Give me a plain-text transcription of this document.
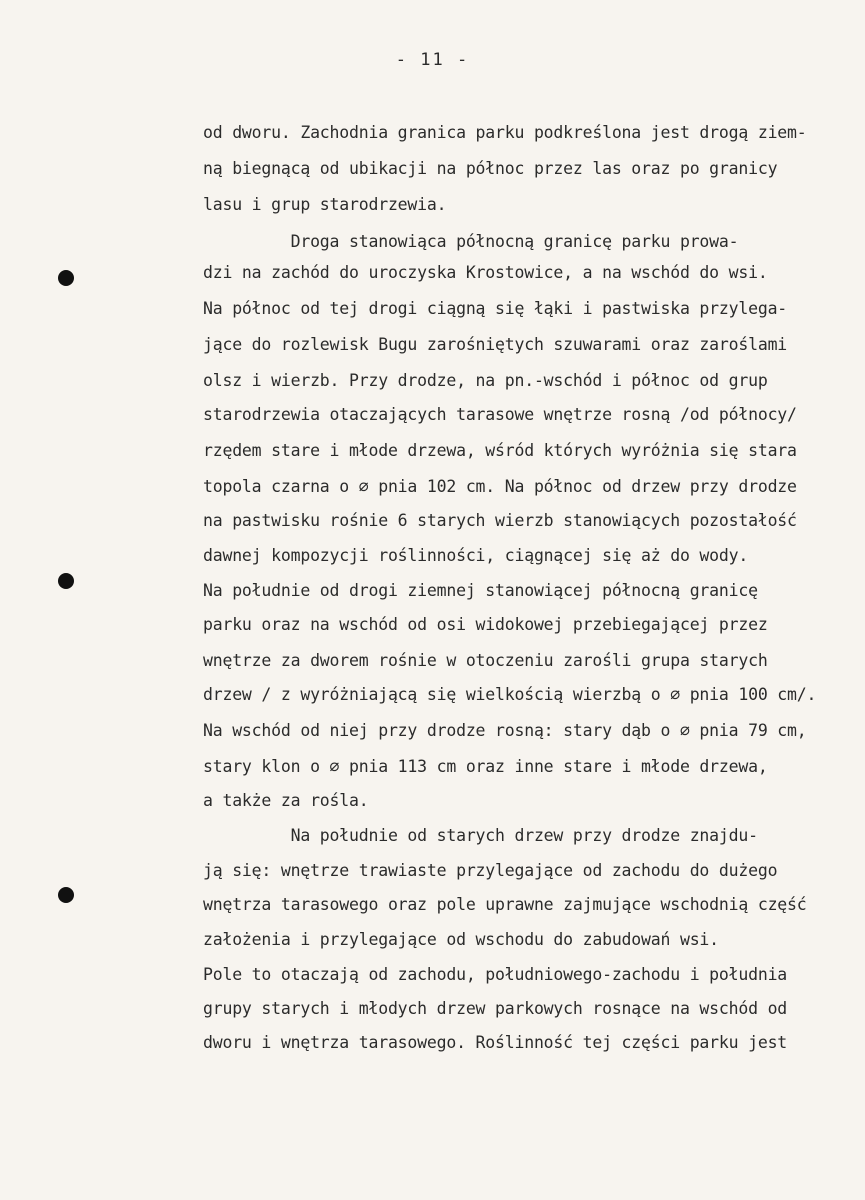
- 11 -
od dworu. Zachodnia granica parku podkreślona jest drogą ziem-
ną biegnącą od ubikacji na północ przez las oraz po granicy
lasu i grup starodrzewia.
Droga stanowiąca północną granicę parku prowa-
dzi na zachód do uroczyska Krostowice, a na wschód do wsi.
Na północ od tej drogi ciągną się łąki i pastwiska przylega-
jące do rozlewisk Bugu zarośniętych szuwarami oraz zaroślami
olsz i wierzb. Przy drodze, na pn.-wschód i północ od grup
starodrzewia otaczających tarasowe wnętrze rosną /od północy/
rzędem stare i młode drzewa, wśród których wyróżnia się stara
topola czarna o ∅ pnia 102 cm. Na północ od drzew przy drodze
na pastwisku rośnie 6 starych wierzb stanowiących pozostałość
dawnej kompozycji roślinności, ciągnącej się aż do wody.
Na południe od drogi ziemnej stanowiącej północną granicę
parku oraz na wschód od osi widokowej przebiegającej przez
wnętrze za dworem rośnie w otoczeniu zarośli grupa starych
drzew / z wyróżniającą się wielkością wierzbą o ∅ pnia 100 cm/.
Na wschód od niej przy drodze rosną: stary dąb o ∅ pnia 79 cm,
stary klon o ∅ pnia 113 cm oraz inne stare i młode drzewa,
a także za rośla.
Na południe od starych drzew przy drodze znajdu-
ją się: wnętrze trawiaste przylegające od zachodu do dużego
wnętrza tarasowego oraz pole uprawne zajmujące wschodnią część
założenia i przylegające od wschodu do zabudowań wsi.
Pole to otaczają od zachodu, południowego-zachodu i południa
grupy starych i młodych drzew parkowych rosnące na wschód od
dworu i wnętrza tarasowego. Roślinność tej części parku jest
